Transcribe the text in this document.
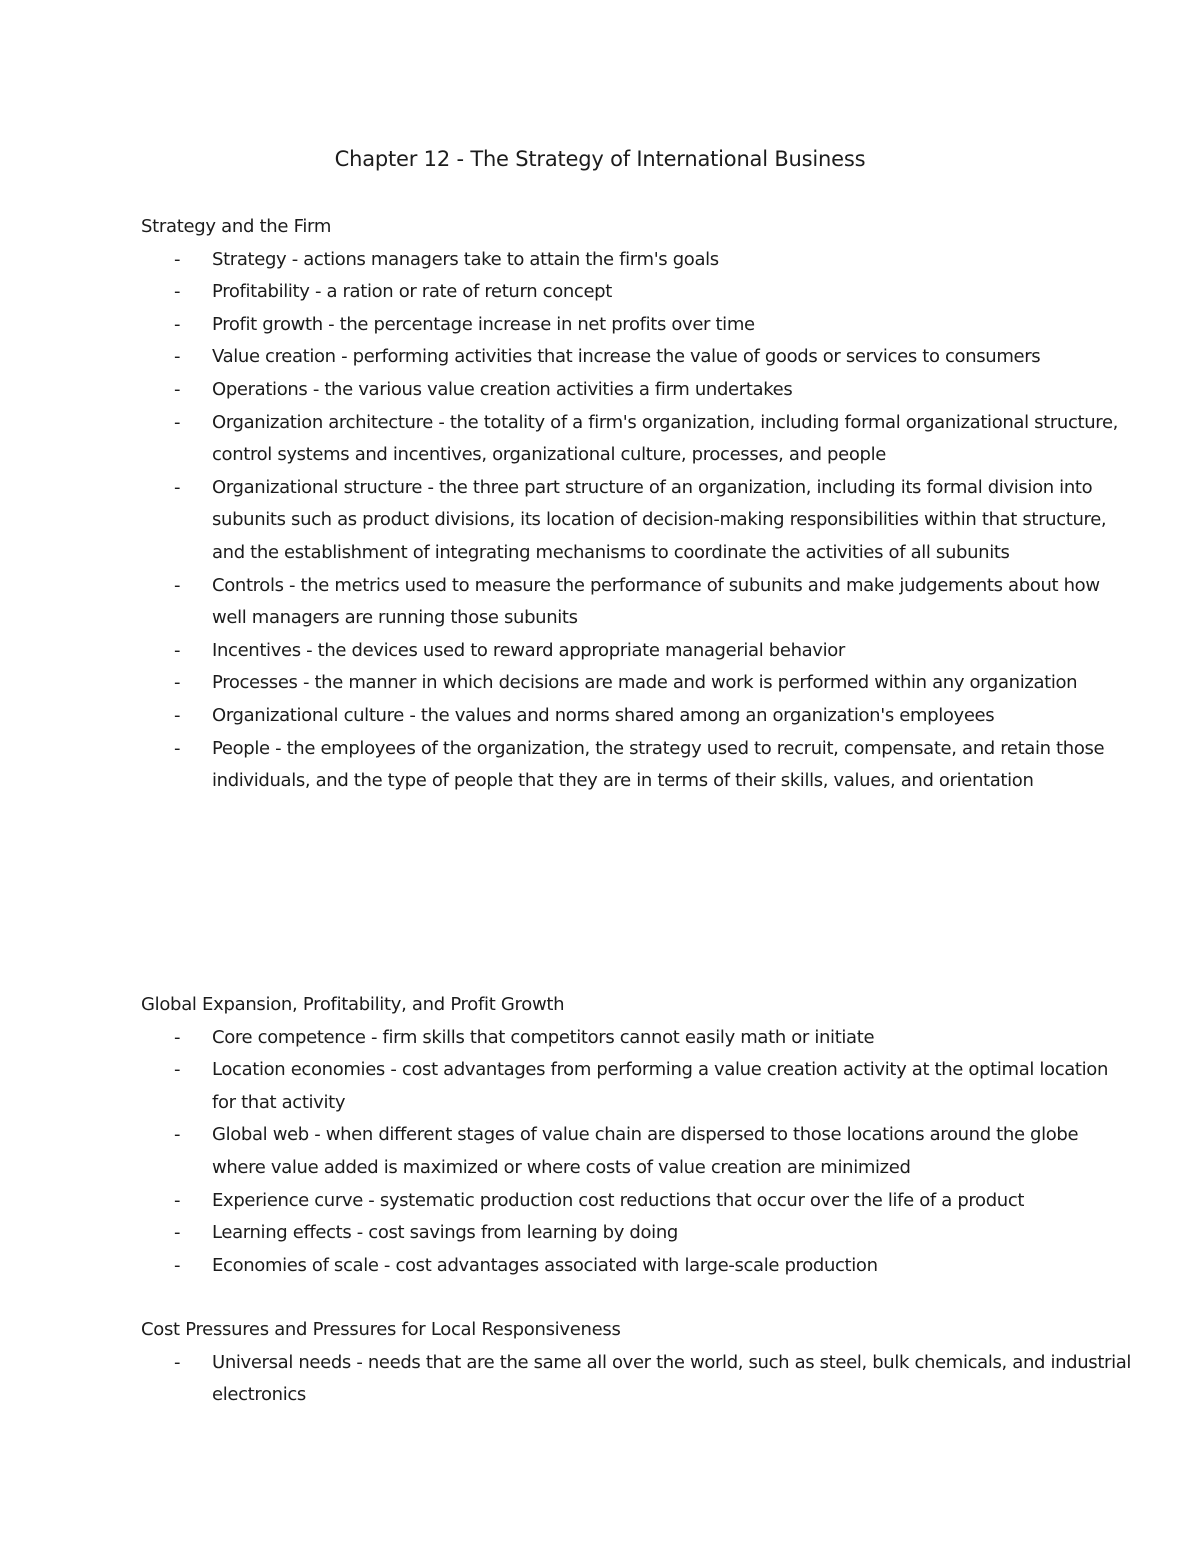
Chapter 12 - The Strategy of International Business
Strategy and the Firm
- Strategy - actions managers take to attain the firm's goals
- Profitability - a ration or rate of return concept
- Profit growth - the percentage increase in net profits over time
- Value creation - performing activities that increase the value of goods or services to consumers
- Operations - the various value creation activities a firm undertakes
- Organization architecture - the totality of a firm's organization, including formal organizational structure, control systems and incentives, organizational culture, processes, and people
- Organizational structure - the three part structure of an organization, including its formal division into subunits such as product divisions, its location of decision-making responsibilities within that structure, and the establishment of integrating mechanisms to coordinate the activities of all subunits
- Controls - the metrics used to measure the performance of subunits and make judgements about how well managers are running those subunits
- Incentives - the devices used to reward appropriate managerial behavior
- Processes - the manner in which decisions are made and work is performed within any organization
- Organizational culture - the values and norms shared among an organization's employees
- People - the employees of the organization, the strategy used to recruit, compensate, and retain those individuals, and the type of people that they are in terms of their skills, values, and orientation
Global Expansion, Profitability, and Profit Growth
- Core competence - firm skills that competitors cannot easily math or initiate
- Location economies - cost advantages from performing a value creation activity at the optimal location for that activity
- Global web - when different stages of value chain are dispersed to those locations around the globe where value added is maximized or where costs of value creation are minimized
- Experience curve - systematic production cost reductions that occur over the life of a product
- Learning effects - cost savings from learning by doing
- Economies of scale - cost advantages associated with large-scale production
Cost Pressures and Pressures for Local Responsiveness
- Universal needs - needs that are the same all over the world, such as steel, bulk chemicals, and industrial electronics
